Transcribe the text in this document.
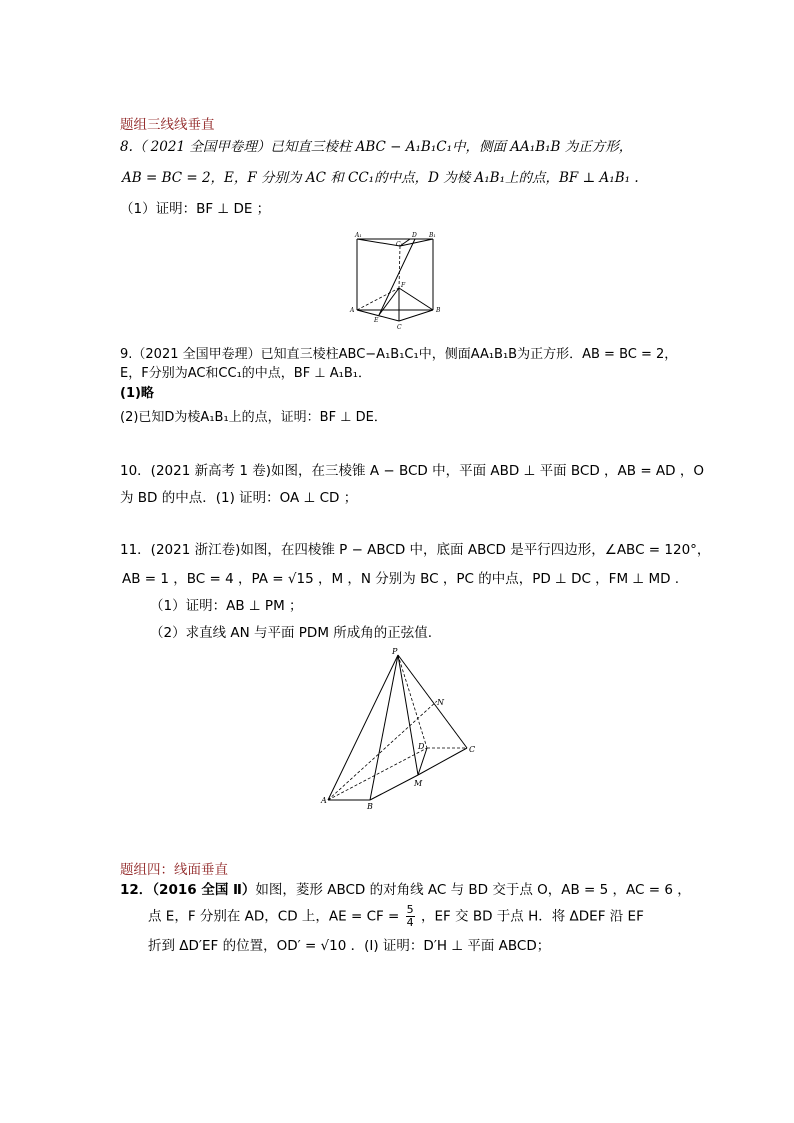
题组三线线垂直
8.（ 2021 全国甲卷理）已知直三棱柱 ABC − A₁B₁C₁中，侧面 AA₁B₁B 为正方形，
AB = BC = 2，E，F 分别为 AC 和 CC₁的中点，D 为棱 A₁B₁上的点，BF ⊥ A₁B₁ .
（1）证明：BF ⊥ DE ；
A₁
C₁
D B₁
F
A
E
C
B
9.（2021 全国甲卷理）已知直三棱柱ABC−A₁B₁C₁中，侧面AA₁B₁B为正方形．AB = BC = 2，
E，F分别为AC和CC₁的中点，BF ⊥ A₁B₁．
(1)略
(2)已知D为棱A₁B₁上的点，证明：BF ⊥ DE．
10．(2021 新高考 1 卷)如图，在三棱锥 A − BCD 中，平面 ABD ⊥ 平面 BCD ，AB = AD ，O
为 BD 的中点．(1) 证明：OA ⊥ CD ；
11．(2021 浙江卷)如图，在四棱锥 P − ABCD 中，底面 ABCD 是平行四边形，∠ABC = 120°，
AB = 1 ，BC = 4 ，PA = √15 ，M ，N 分别为 BC ，PC 的中点，PD ⊥ DC ，FM ⊥ MD .
（1）证明：AB ⊥ PM ；
（2）求直线 AN 与平面 PDM 所成角的正弦值.
P
N
D	C
M
A
B
题组四：线面垂直
12．（2016 全国 Ⅱ）如图，菱形 ABCD 的对角线 AC 与 BD 交于点 O，AB = 5 ，AC = 6 ，
点 E，F 分别在 AD，CD 上，AE = CF = $\frac{5}{4}$ ，EF 交 BD 于点 H．将 ΔDEF 沿 EF
折到 ΔD′EF 的位置，OD′ = √10 ．(Ⅰ) 证明：D′H ⊥ 平面 ABCD；
